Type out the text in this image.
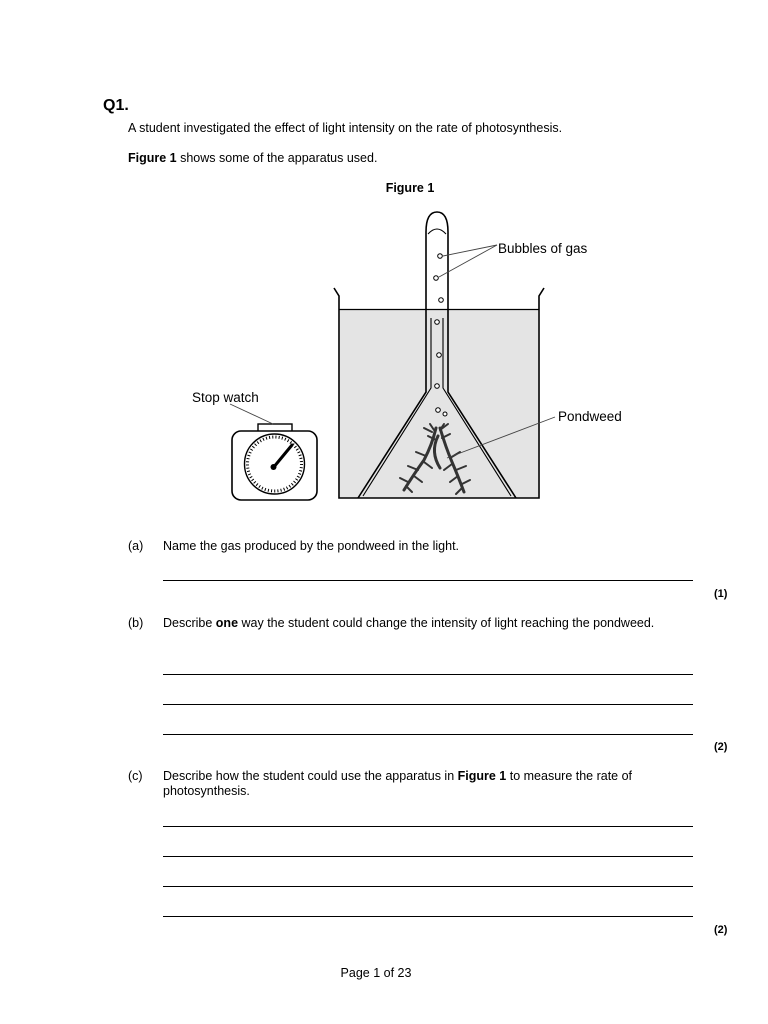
Q1.
A student investigated the effect of light intensity on the rate of photosynthesis.
Figure 1 shows some of the apparatus used.
Figure 1
Bubbles of gas
Stop watch
Pondweed
(a) Name the gas produced by the pondweed in the light.
(1)
(b) Describe one way the student could change the intensity of light reaching the pondweed.
(2)
(c) Describe how the student could use the apparatus in Figure 1 to measure the rate of photosynthesis.
(2)
Page 1 of 23
